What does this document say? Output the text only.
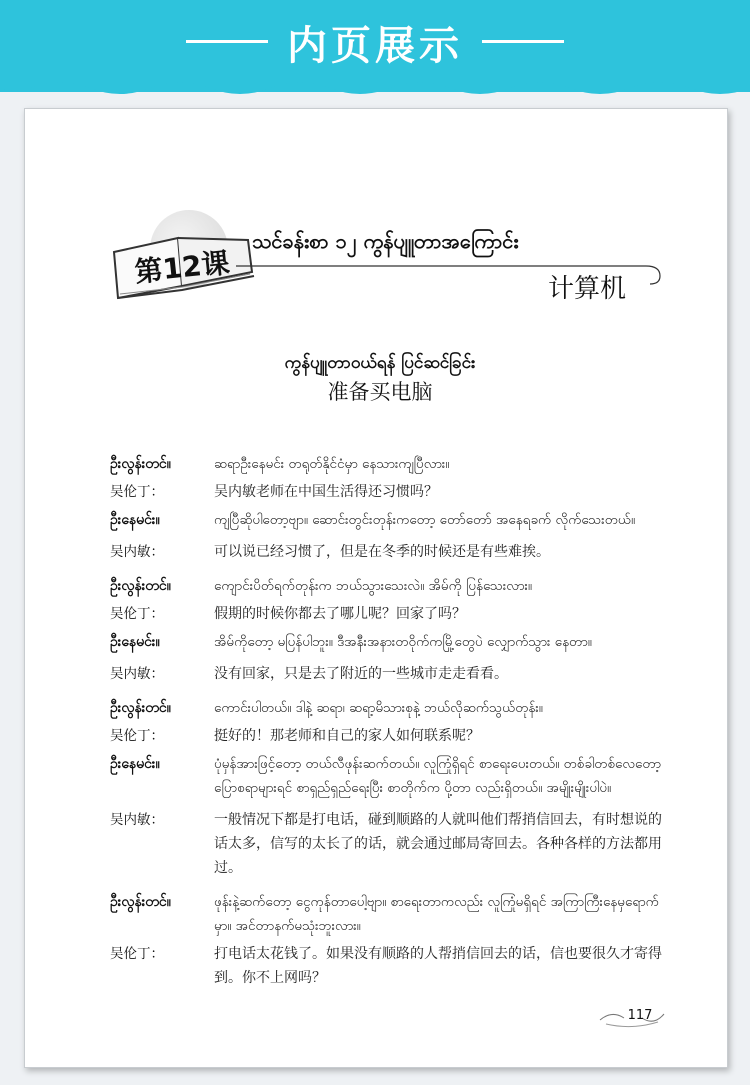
内页展示
第12课
သင်ခန်းစာ ၁၂ ကွန်ပျူတာအကြောင်း
计算机
ကွန်ပျူတာဝယ်ရန် ပြင်ဆင်ခြင်း
准备买电脑
ဦးလွန်းတင်။	ဆရာဦးနေမင်း တရုတ်နိုင်ငံမှာ နေသားကျပြီလား။
吴伦丁：	吴内敏老师在中国生活得还习惯吗？
ဦးနေမင်း။	ကျပြီဆိုပါတော့ဗျာ။ ဆောင်းတွင်းတုန်းကတော့ တော်တော် အနေရခက် လိုက်သေးတယ်။
吴内敏：	可以说已经习惯了，但是在冬季的时候还是有些难挨。
ဦးလွန်းတင်။	ကျောင်းပိတ်ရက်တုန်းက ဘယ်သွားသေးလဲ။ အိမ်ကို ပြန်သေးလား။
吴伦丁：	假期的时候你都去了哪儿呢？回家了吗？
ဦးနေမင်း။	အိမ်ကိုတော့ မပြန်ပါဘူး။ ဒီအနီးအနားတဝိုက်ကမြို့တွေပဲ လျှောက်သွား နေတာ။
吴内敏：	没有回家，只是去了附近的一些城市走走看看。
ဦးလွန်းတင်။	ကောင်းပါတယ်။ ဒါနဲ့ ဆရာ၊ ဆရာ့မိသားစုနဲ့ ဘယ်လိုဆက်သွယ်တုန်း။
吴伦丁：	挺好的！那老师和自己的家人如何联系呢？
ဦးနေမင်း။	ပုံမှန်အားဖြင့်တော့ တယ်လီဖုန်းဆက်တယ်။ လူကြုံရှိရင် စာရေးပေးတယ်။ တစ်ခါတစ်လေတော့ ပြောစရာများရင် စာရှည်ရှည်ရေးပြီး စာတိုက်က ပို့တာ လည်းရှိတယ်။ အမျိုးမျိုးပါပဲ။
吴内敏：	一般情况下都是打电话，碰到顺路的人就叫他们帮捎信回去，有时想说的话太多，信写的太长了的话，就会通过邮局寄回去。各种各样的方法都用过。
ဦးလွန်းတင်။	ဖုန်းနဲ့ဆက်တော့ ငွေကုန်တာပေါ့ဗျာ။ စာရေးတာကလည်း လူကြုံမရှိရင် အကြာကြီးနေမှရောက်မှာ။ အင်တာနက်မသုံးဘူးလား။
吴伦丁：	打电话太花钱了。如果没有顺路的人帮捎信回去的话，信也要很久才寄得到。你不上网吗？
117
